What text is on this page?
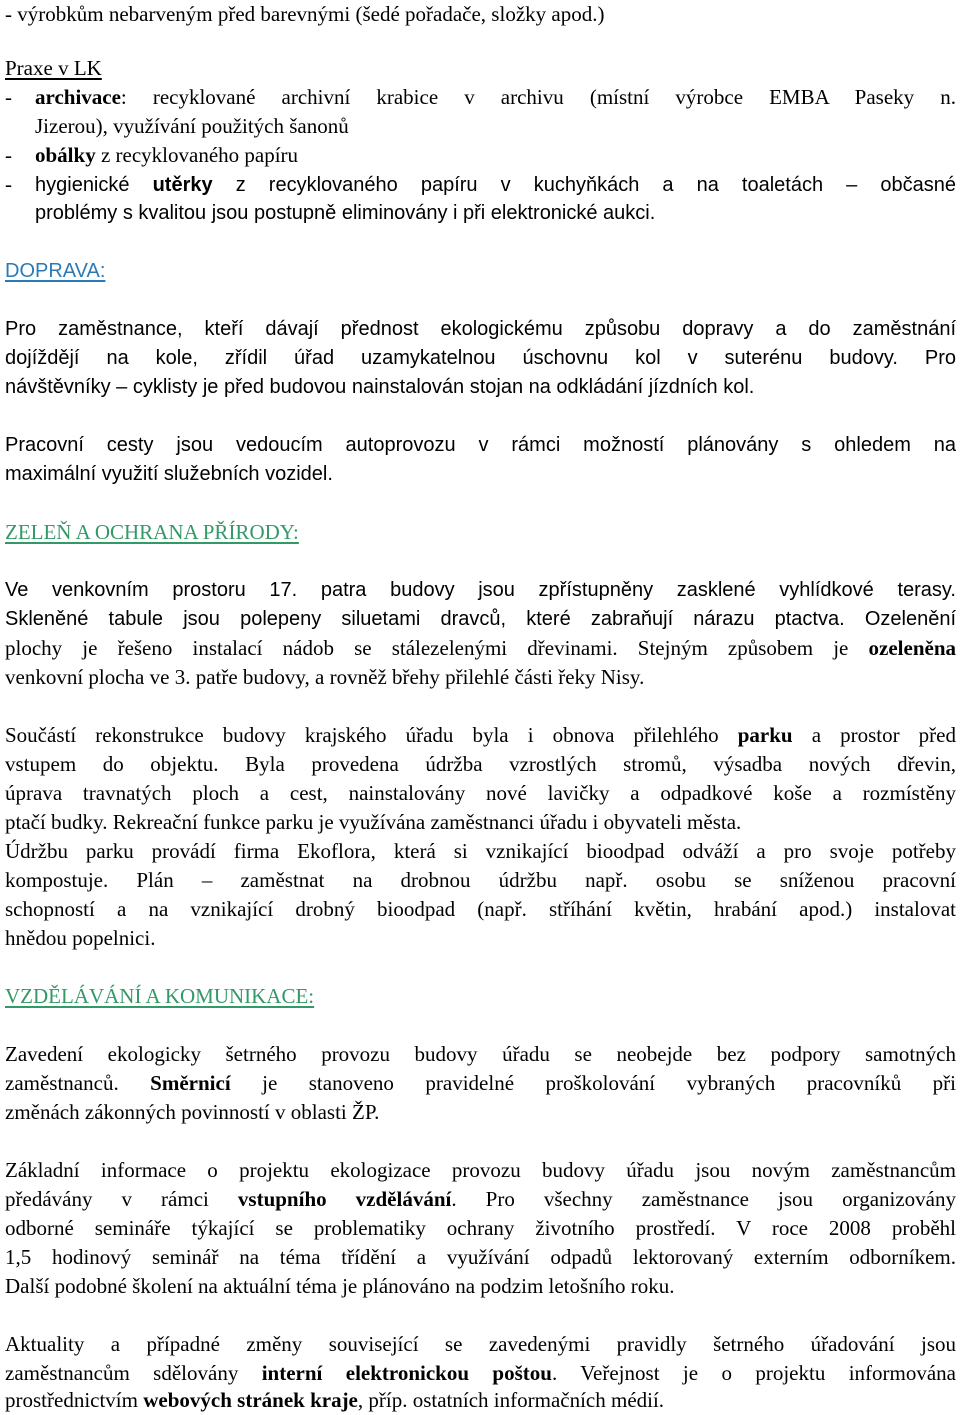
- výrobkům nebarveným před barevnými (šedé pořadače, složky apod.)
Praxe v LK
- archivace: recyklované archivní krabice v archivu (místní výrobce EMBA Paseky n.
Jizerou), využívání použitých šanonů
- obálky z recyklovaného papíru
- hygienické utěrky z recyklovaného papíru v kuchyňkách a na toaletách – občasné
problémy s kvalitou jsou postupně eliminovány i při elektronické aukci.
DOPRAVA:
Pro zaměstnance, kteří dávají přednost ekologickému způsobu dopravy a do zaměstnání
dojíždějí na kole, zřídil úřad uzamykatelnou úschovnu kol v suterénu budovy. Pro
návštěvníky – cyklisty je před budovou nainstalován stojan na odkládání jízdních kol.
Pracovní cesty jsou vedoucím autoprovozu v rámci možností plánovány s ohledem na
maximální využití služebních vozidel.
ZELEŇ A OCHRANA PŘÍRODY:
Ve venkovním prostoru 17. patra budovy jsou zpřístupněny zasklené vyhlídkové terasy.
Skleněné tabule jsou polepeny siluetami dravců, které zabraňují nárazu ptactva. Ozelenění
plochy je řešeno instalací nádob se stálezelenými dřevinami. Stejným způsobem je ozeleněna
venkovní plocha ve 3. patře budovy, a rovněž břehy přilehlé části řeky Nisy.
Součástí rekonstrukce budovy krajského úřadu byla i obnova přilehlého parku a prostor před
vstupem do objektu. Byla provedena údržba vzrostlých stromů, výsadba nových dřevin,
úprava travnatých ploch a cest, nainstalovány nové lavičky a odpadkové koše a rozmístěny
ptačí budky. Rekreační funkce parku je využívána zaměstnanci úřadu i obyvateli města.
Údržbu parku provádí firma Ekoflora, která si vznikající bioodpad odváží a pro svoje potřeby
kompostuje. Plán – zaměstnat na drobnou údržbu např. osobu se sníženou pracovní
schopností a na vznikající drobný bioodpad (např. stříhání květin, hrabání apod.) instalovat
hnědou popelnici.
VZDĚLÁVÁNÍ A KOMUNIKACE:
Zavedení ekologicky šetrného provozu budovy úřadu se neobejde bez podpory samotných
zaměstnanců. Směrnicí je stanoveno pravidelné proškolování vybraných pracovníků při
změnách zákonných povinností v oblasti ŽP.
Základní informace o projektu ekologizace provozu budovy úřadu jsou novým zaměstnancům
předávány v rámci vstupního vzdělávání. Pro všechny zaměstnance jsou organizovány
odborné semináře týkající se problematiky ochrany životního prostředí. V roce 2008 proběhl
1,5 hodinový seminář na téma třídění a využívání odpadů lektorovaný externím odborníkem.
Další podobné školení na aktuální téma je plánováno na podzim letošního roku.
Aktuality a případné změny související se zavedenými pravidly šetrného úřadování jsou
zaměstnancům sdělovány interní elektronickou poštou. Veřejnost je o projektu informována
prostřednictvím webových stránek kraje, příp. ostatních informačních médií.
